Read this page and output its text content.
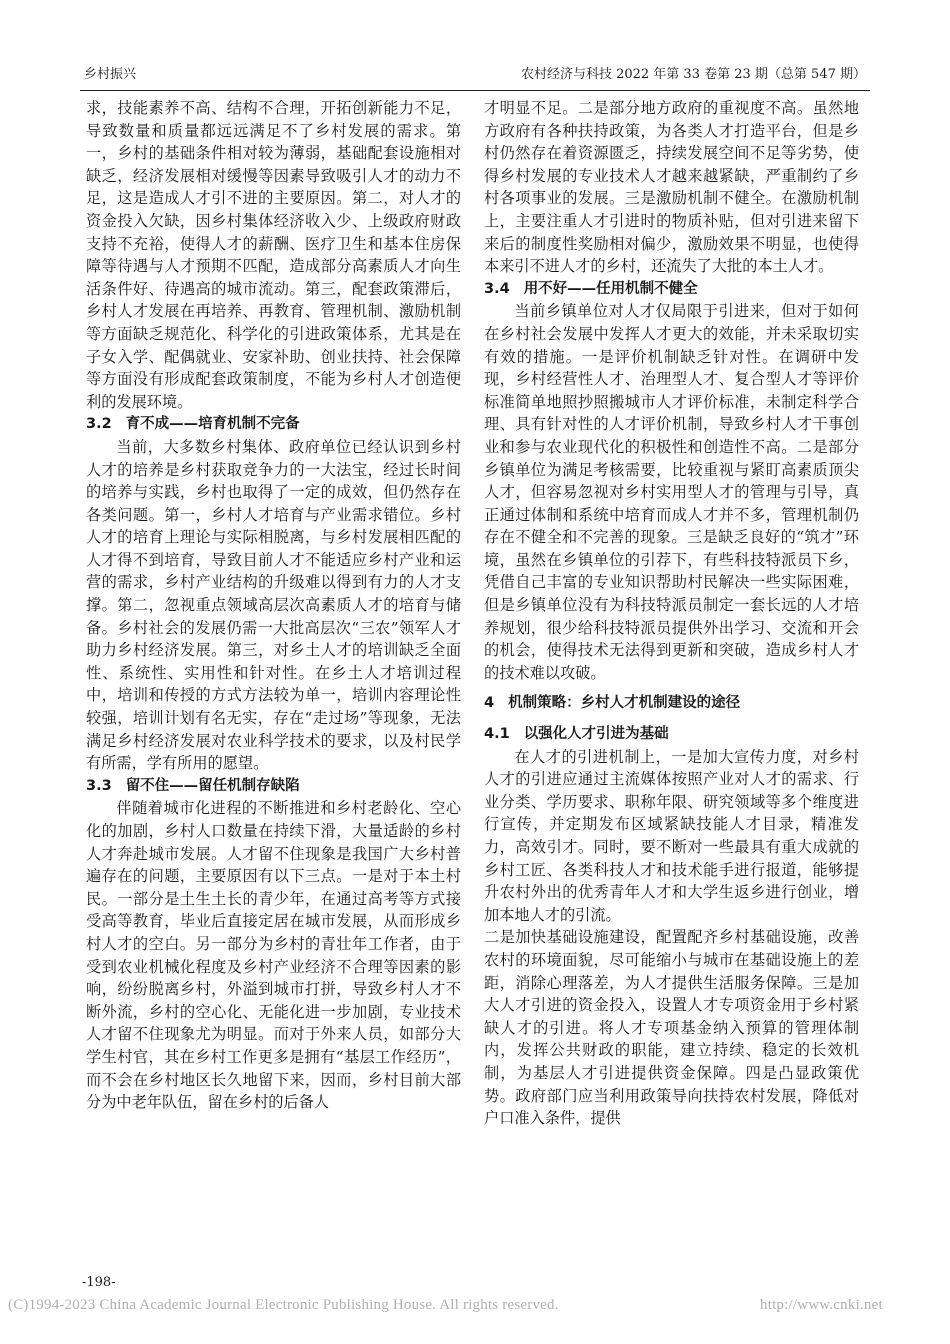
乡村振兴	农村经济与科技 2022 年第 33 卷第 23 期（总第 547 期）

求，技能素养不高、结构不合理，开拓创新能力不足，导致数量和质量都远远满足不了乡村发展的需求。第一，乡村的基础条件相对较为薄弱，基础配套设施相对缺乏，经济发展相对缓慢等因素导致吸引人才的动力不足，这是造成人才引不进的主要原因。第二，对人才的资金投入欠缺，因乡村集体经济收入少、上级政府财政支持不充裕，使得人才的薪酬、医疗卫生和基本住房保障等待遇与人才预期不匹配，造成部分高素质人才向生活条件好、待遇高的城市流动。第三，配套政策滞后，乡村人才发展在再培养、再教育、管理机制、激励机制等方面缺乏规范化、科学化的引进政策体系，尤其是在子女入学、配偶就业、安家补助、创业扶持、社会保障等方面没有形成配套政策制度，不能为乡村人才创造便利的发展环境。

3.2 育不成——培育机制不完备

当前，大多数乡村集体、政府单位已经认识到乡村人才的培养是乡村获取竞争力的一大法宝，经过长时间的培养与实践，乡村也取得了一定的成效，但仍然存在各类问题。第一，乡村人才培育与产业需求错位。乡村人才的培育上理论与实际相脱离，与乡村发展相匹配的人才得不到培育，导致目前人才不能适应乡村产业和运营的需求，乡村产业结构的升级难以得到有力的人才支撑。第二，忽视重点领域高层次高素质人才的培育与储备。乡村社会的发展仍需一大批高层次“三农”领军人才助力乡村经济发展。第三，对乡土人才的培训缺乏全面性、系统性、实用性和针对性。在乡土人才培训过程中，培训和传授的方式方法较为单一，培训内容理论性较强，培训计划有名无实，存在“走过场”等现象，无法满足乡村经济发展对农业科学技术的要求，以及村民学有所需，学有所用的愿望。

3.3 留不住——留任机制存缺陷

伴随着城市化进程的不断推进和乡村老龄化、空心化的加剧，乡村人口数量在持续下滑，大量适龄的乡村人才奔赴城市发展。人才留不住现象是我国广大乡村普遍存在的问题，主要原因有以下三点。一是对于本土村民。一部分是土生土长的青少年，在通过高考等方式接受高等教育，毕业后直接定居在城市发展，从而形成乡村人才的空白。另一部分为乡村的青壮年工作者，由于受到农业机械化程度及乡村产业经济不合理等因素的影响，纷纷脱离乡村，外溢到城市打拼，导致乡村人才不断外流，乡村的空心化、无能化进一步加剧，专业技术人才留不住现象尤为明显。而对于外来人员，如部分大学生村官，其在乡村工作更多是拥有“基层工作经历”，而不会在乡村地区长久地留下来，因而，乡村目前大部分为中老年队伍，留在乡村的后备人

才明显不足。二是部分地方政府的重视度不高。虽然地方政府有各种扶持政策，为各类人才打造平台，但是乡村仍然存在着资源匮乏，持续发展空间不足等劣势，使得乡村发展的专业技术人才越来越紧缺，严重制约了乡村各项事业的发展。三是激励机制不健全。在激励机制上，主要注重人才引进时的物质补贴，但对引进来留下来后的制度性奖励相对偏少，激励效果不明显，也使得本来引不进人才的乡村，还流失了大批的本土人才。

3.4 用不好——任用机制不健全

当前乡镇单位对人才仅局限于引进来，但对于如何在乡村社会发展中发挥人才更大的效能，并未采取切实有效的措施。一是评价机制缺乏针对性。在调研中发现，乡村经营性人才、治理型人才、复合型人才等评价标准简单地照抄照搬城市人才评价标准，未制定科学合理、具有针对性的人才评价机制，导致乡村人才干事创业和参与农业现代化的积极性和创造性不高。二是部分乡镇单位为满足考核需要，比较重视与紧盯高素质顶尖人才，但容易忽视对乡村实用型人才的管理与引导，真正通过体制和系统中培育而成人才并不多，管理机制仍存在不健全和不完善的现象。三是缺乏良好的“筑才”环境，虽然在乡镇单位的引荐下，有些科技特派员下乡，凭借自己丰富的专业知识帮助村民解决一些实际困难，但是乡镇单位没有为科技特派员制定一套长远的人才培养规划，很少给科技特派员提供外出学习、交流和开会的机会，使得技术无法得到更新和突破，造成乡村人才的技术难以攻破。

4 机制策略：乡村人才机制建设的途径
4.1 以强化人才引进为基础

在人才的引进机制上，一是加大宣传力度，对乡村人才的引进应通过主流媒体按照产业对人才的需求、行业分类、学历要求、职称年限、研究领域等多个维度进行宣传，并定期发布区域紧缺技能人才目录，精准发力，高效引才。同时，要不断对一些最具有重大成就的乡村工匠、各类科技人才和技术能手进行报道，能够提升农村外出的优秀青年人才和大学生返乡进行创业，增加本地人才的引流。

二是加快基础设施建设，配置配齐乡村基础设施，改善农村的环境面貌，尽可能缩小与城市在基础设施上的差距，消除心理落差，为人才提供生活服务保障。三是加大人才引进的资金投入，设置人才专项资金用于乡村紧缺人才的引进。将人才专项基金纳入预算的管理体制内，发挥公共财政的职能，建立持续、稳定的长效机制，为基层人才引进提供资金保障。四是凸显政策优势。政府部门应当利用政策导向扶持农村发展，降低对户口准入条件，提供

-198-
(C)1994-2023 China Academic Journal Electronic Publishing House. All rights reserved.	http://www.cnki.net
